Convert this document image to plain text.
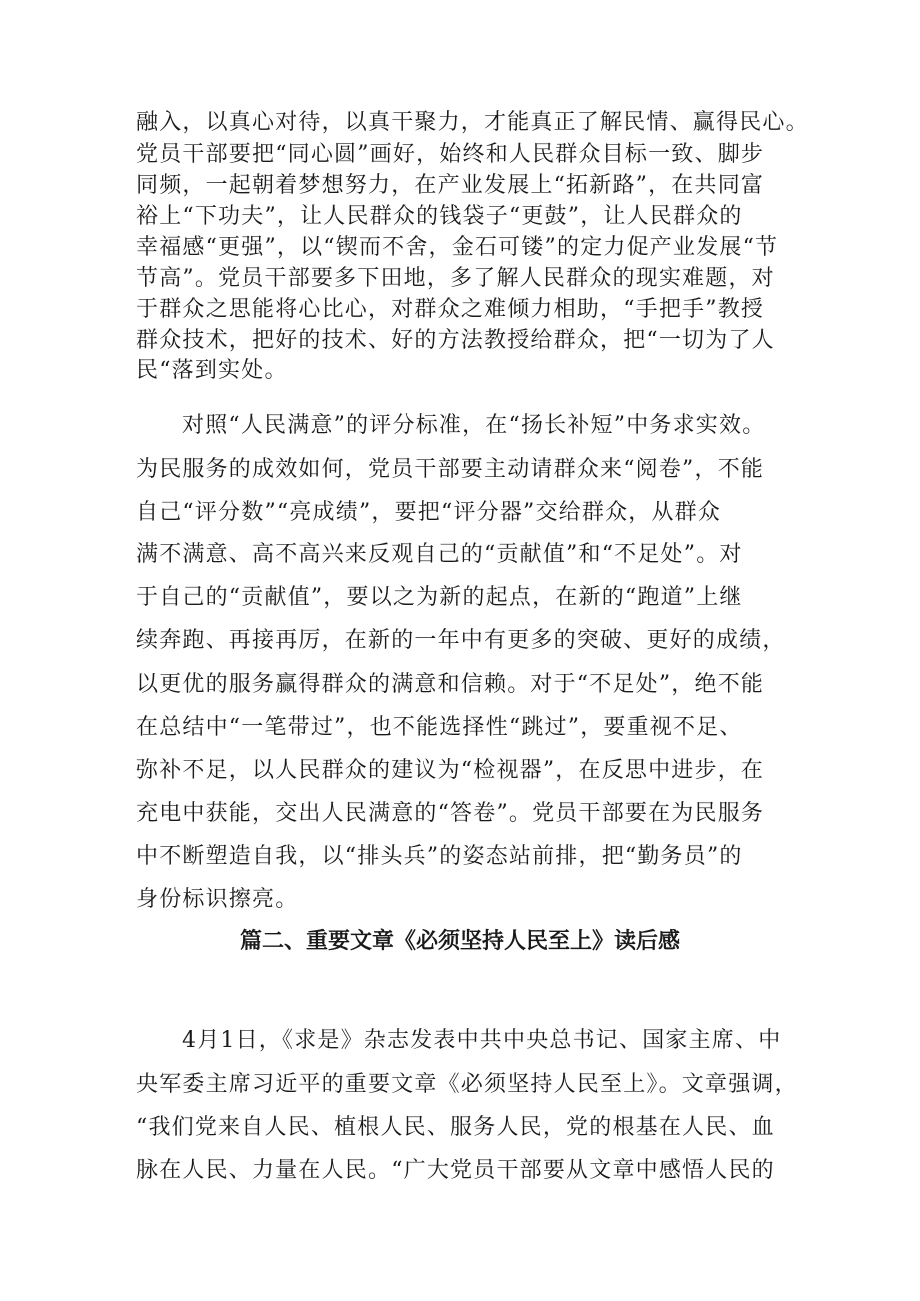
融入，以真心对待，以真干聚力，才能真正了解民情、赢得民心。
党员干部要把“同心圆”画好，始终和人民群众目标一致、脚步
同频，一起朝着梦想努力，在产业发展上“拓新路”，在共同富
裕上“下功夫”，让人民群众的钱袋子“更鼓”，让人民群众的
幸福感“更强”，以“锲而不舍，金石可镂”的定力促产业发展“节
节高”。党员干部要多下田地，多了解人民群众的现实难题，对
于群众之思能将心比心，对群众之难倾力相助，“手把手”教授
群众技术，把好的技术、好的方法教授给群众，把“一切为了人
民“落到实处。
对照“人民满意”的评分标准，在“扬长补短”中务求实效。
为民服务的成效如何，党员干部要主动请群众来“阅卷”，不能
自己“评分数”“亮成绩”，要把“评分器”交给群众，从群众
满不满意、高不高兴来反观自己的“贡献值”和“不足处”。对
于自己的“贡献值”，要以之为新的起点，在新的“跑道”上继
续奔跑、再接再厉，在新的一年中有更多的突破、更好的成绩，
以更优的服务赢得群众的满意和信赖。对于“不足处”，绝不能
在总结中“一笔带过”，也不能选择性“跳过”，要重视不足、
弥补不足，以人民群众的建议为“检视器”，在反思中进步，在
充电中获能，交出人民满意的“答卷”。党员干部要在为民服务
中不断塑造自我，以“排头兵”的姿态站前排，把“勤务员”的
身份标识擦亮。
篇二、重要文章《必须坚持人民至上》读后感
4月1日，《求是》杂志发表中共中央总书记、国家主席、中
央军委主席习近平的重要文章《必须坚持人民至上》。文章强调，
“我们党来自人民、植根人民、服务人民，党的根基在人民、血
脉在人民、力量在人民。“广大党员干部要从文章中感悟人民的
